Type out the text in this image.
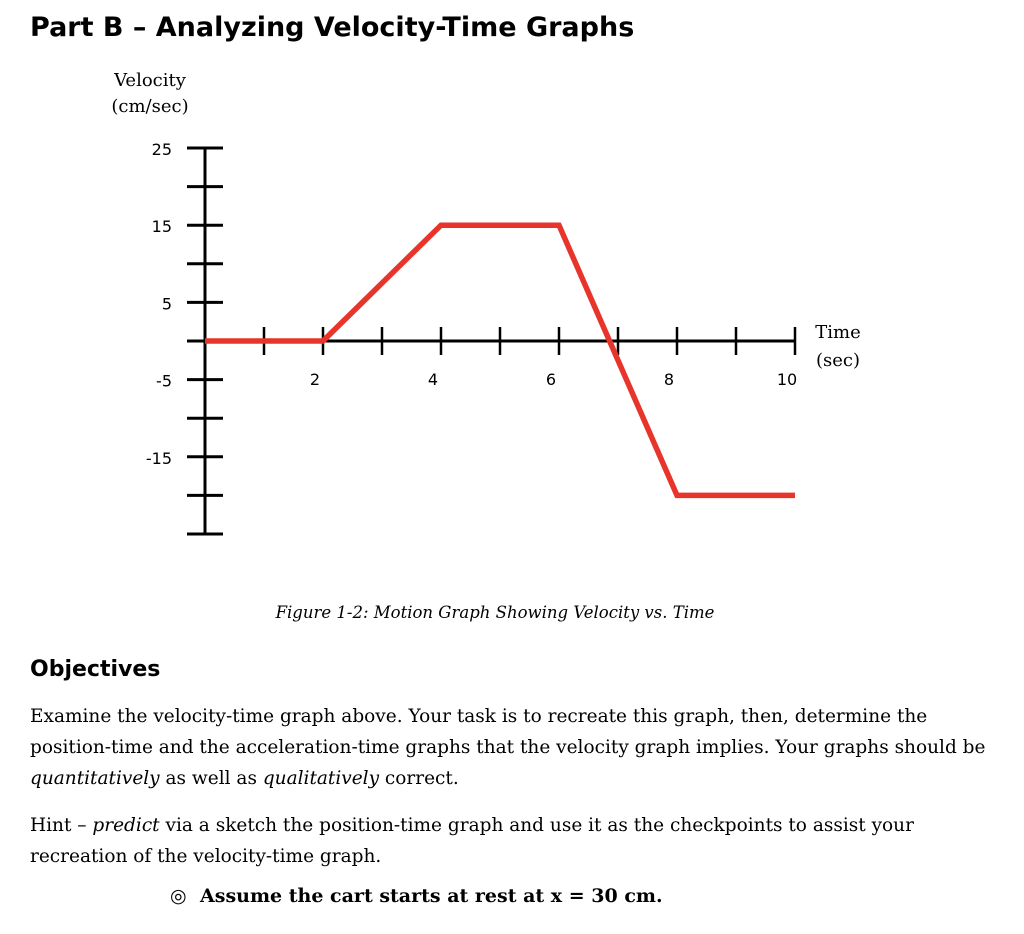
Part B – Analyzing Velocity-Time Graphs
25
15
5
-5
-15
2	4	6	8	10
Velocity
(cm/sec)
Time
(sec)
Figure 1-2: Motion Graph Showing Velocity vs. Time
Objectives

Examine the velocity-time graph above. Your task is to recreate this graph, then, determine the position-time and the acceleration-time graphs that the velocity graph implies. Your graphs should be quantitatively as well as qualitatively correct.

Hint – predict via a sketch the position-time graph and use it as the checkpoints to assist your recreation of the velocity-time graph.

◎ Assume the cart starts at rest at x = 30 cm.
